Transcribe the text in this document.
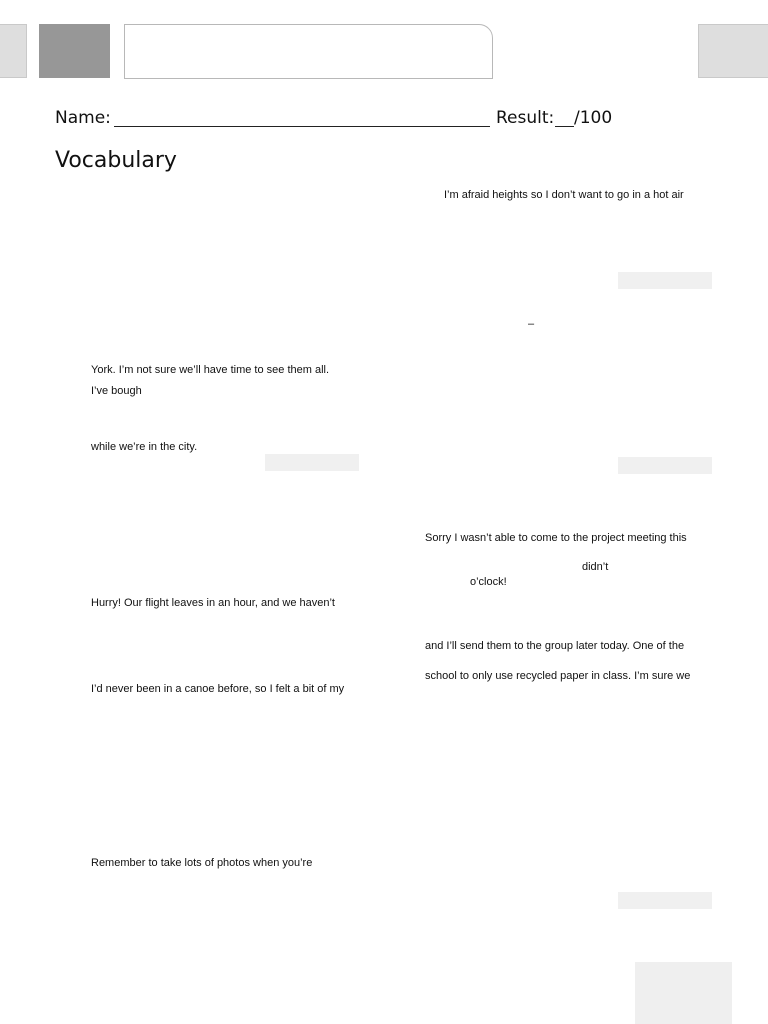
Name:	Result: /100
Vocabulary
I’m afraid heights so I don’t want to go in a hot air
–
York. I’m not sure we’ll have time to see them all.
I’ve bough
while we’re in the city.
Sorry I wasn’t able to come to the project meeting this
didn’t
o’clock!
Hurry! Our flight leaves in an hour, and we haven’t
and I’ll send them to the group later today. One of the
school to only use recycled paper in class. I’m sure we
I’d never been in a canoe before, so I felt a bit of my
Remember to take lots of photos when you’re
